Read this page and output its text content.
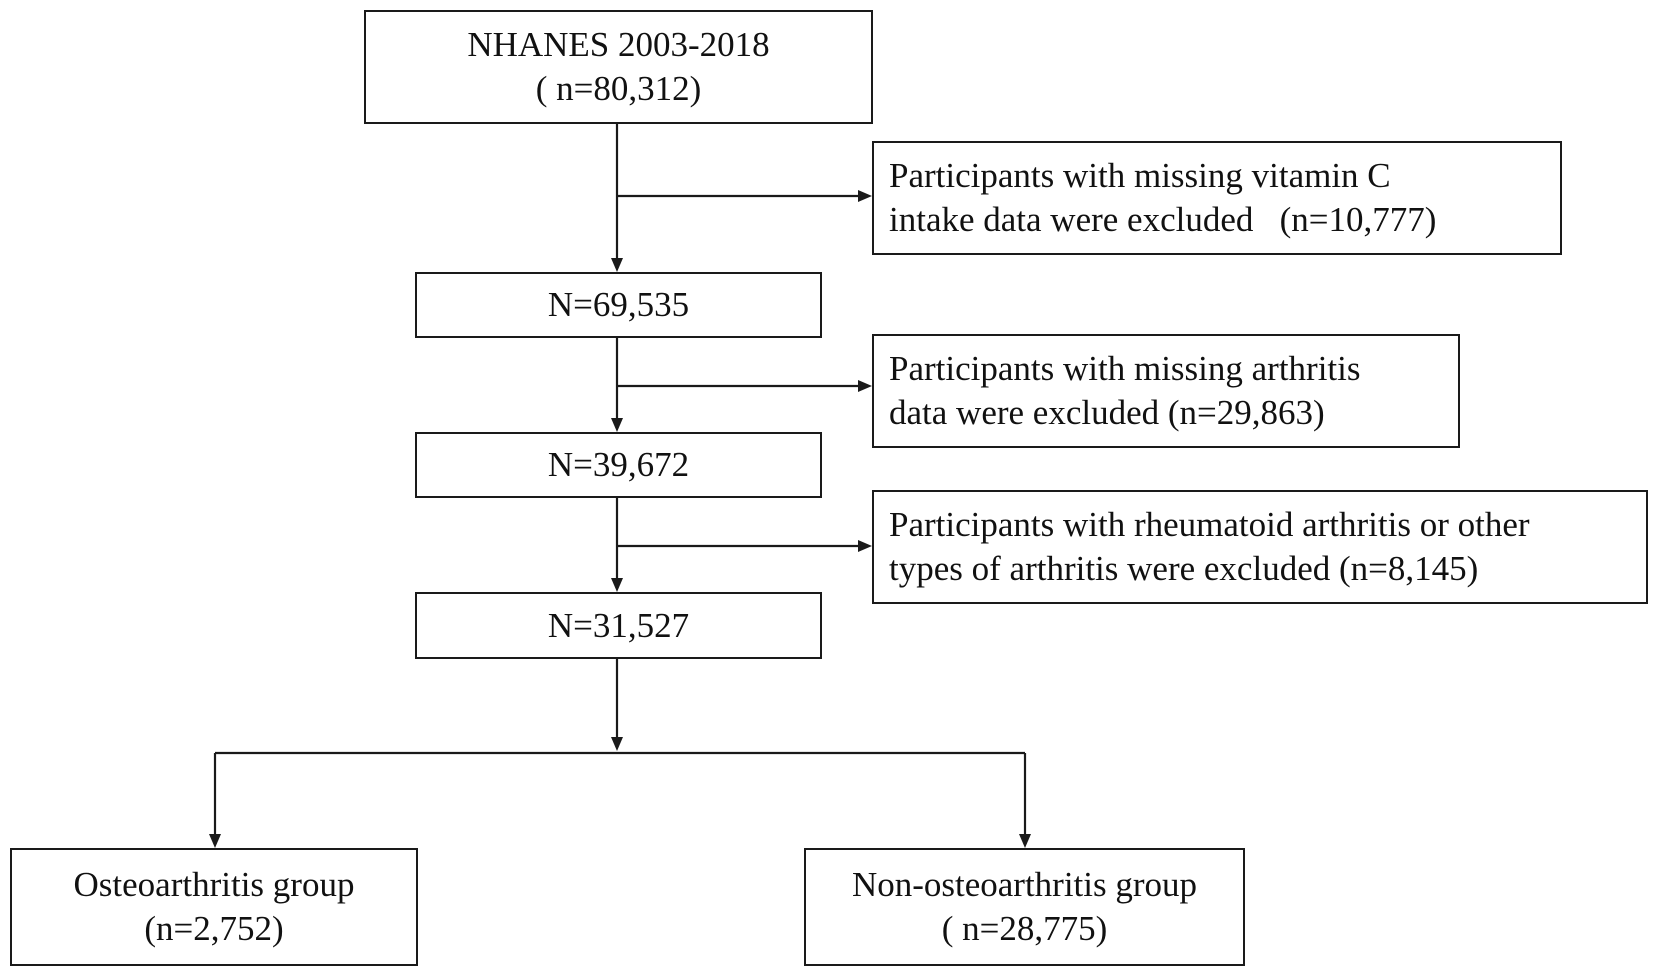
NHANES 2003-2018
( n=80,312)
Participants with missing vitamin C
intake data were excluded   (n=10,777)
N=69,535
Participants with missing arthritis
data were excluded (n=29,863)
N=39,672
Participants with rheumatoid arthritis or other
types of arthritis were excluded (n=8,145)
N=31,527
Osteoarthritis group
(n=2,752)
Non-osteoarthritis group
( n=28,775)
